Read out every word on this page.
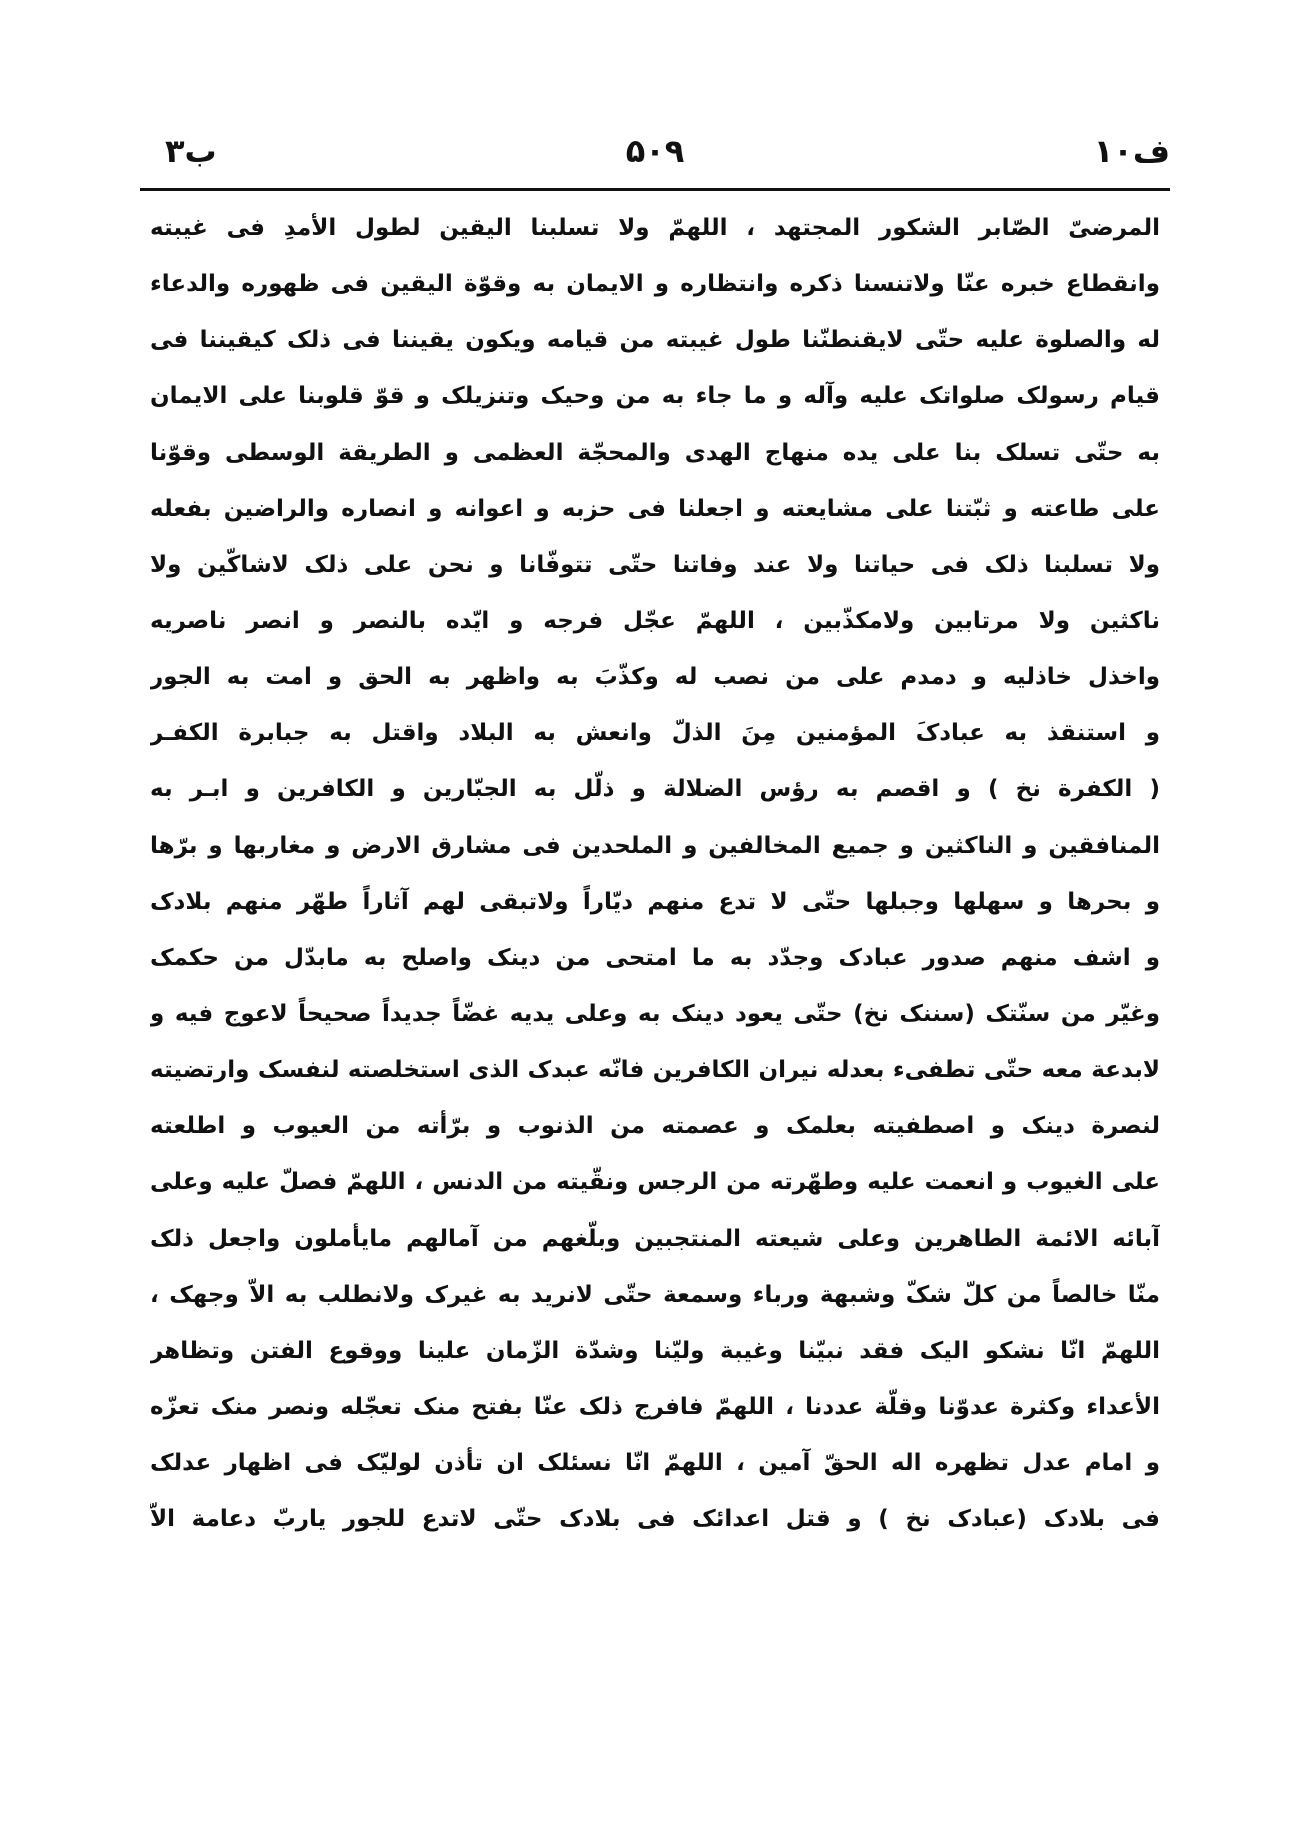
ف۱۰
۵۰۹
ب۳
المرضیّ الصّابر الشکور المجتهد ، اللهمّ ولا تسلبنا الیقین لطول الأمدِ فی غیبته
وانقطاع خبره عنّا ولاتنسنا ذکره وانتظاره و الایمان به وقوّة الیقین فی ظهوره والدعاء
له والصلوة علیه حتّی لایقنطنّنا طول غیبته من قیامه ویکون یقیننا فی ذلک کیقیننا فی
قیام رسولک صلواتک علیه وآله و ما جاء به من وحیک وتنزیلک و قوّ قلوبنا علی الایمان
به حتّی تسلک بنا علی یده منهاج الهدی والمحجّة العظمی و الطریقة الوسطی وقوّنا
علی طاعته و ثبّتنا علی مشایعته و اجعلنا فی حزبه و اعوانه و انصاره والراضین بفعله
ولا تسلبنا ذلک فی حیاتنا ولا عند وفاتنا حتّی تتوفّانا و نحن علی ذلک لاشاکّین ولا
ناکثین ولا مرتابین ولامکذّبین ، اللهمّ عجّل فرجه و ایّده بالنصر و انصر ناصریه
واخذل خاذلیه و دمدم علی من نصب له وکذّبَ به واظهر به الحق و امت به الجور
و استنقذ به عبادکَ المؤمنین مِنَ الذلّ وانعش به البلاد واقتل به جبابرة الکفـر
( الکفرة نخ ) و اقصم به رؤس الضلالة و ذلّل به الجبّارین و الکافرین و ابـر به
المنافقین و الناکثین و جمیع المخالفین و الملحدین فی مشارق الارض و مغاربها و برّها
و بحرها و سهلها وجبلها حتّی لا تدع منهم دیّاراً ولاتبقی لهم آثاراً طهّر منهم بلادک
و اشف منهم صدور عبادک وجدّد به ما امتحی من دینک واصلح به مابدّل من حکمک
وغیّر من سنّتک (سننک نخ) حتّی یعود دینک به وعلی یدیه غضّاً جدیداً صحیحاً لاعوج فیه و
لابدعة معه حتّی تطفیء بعدله نیران الکافرین فانّه عبدک الذی استخلصته لنفسک وارتضیته
لنصرة دینک و اصطفیته بعلمک و عصمته من الذنوب و برّأته من العیوب و اطلعته
علی الغیوب و انعمت علیه وطهّرته من الرجس ونقّیته من الدنس ، اللهمّ فصلّ علیه وعلی
آبائه الائمة الطاهرین وعلی شیعته المنتجبین وبلّغهم من آمالهم مایأملون واجعل ذلک
منّا خالصاً من کلّ شکّ وشبهة ورباء وسمعة حتّی لانرید به غیرک ولانطلب به الاّ وجهک ،
اللهمّ انّا نشکو الیک فقد نبیّنا وغیبة ولیّنا وشدّة الزّمان علینا ووقوع الفتن وتظاهر
الأعداء وکثرة عدوّنا وقلّة عددنا ، اللهمّ فافرج ذلک عنّا بفتح منک تعجّله ونصر منک تعزّه
و امام عدل تظهره اله الحقّ آمین ، اللهمّ انّا نسئلک ان تأذن لولیّک فی اظهار عدلک
فی بلادک (عبادک نخ ) و قتل اعدائک فی بلادک حتّی لاتدع للجور یاربّ دعامة الاّ
